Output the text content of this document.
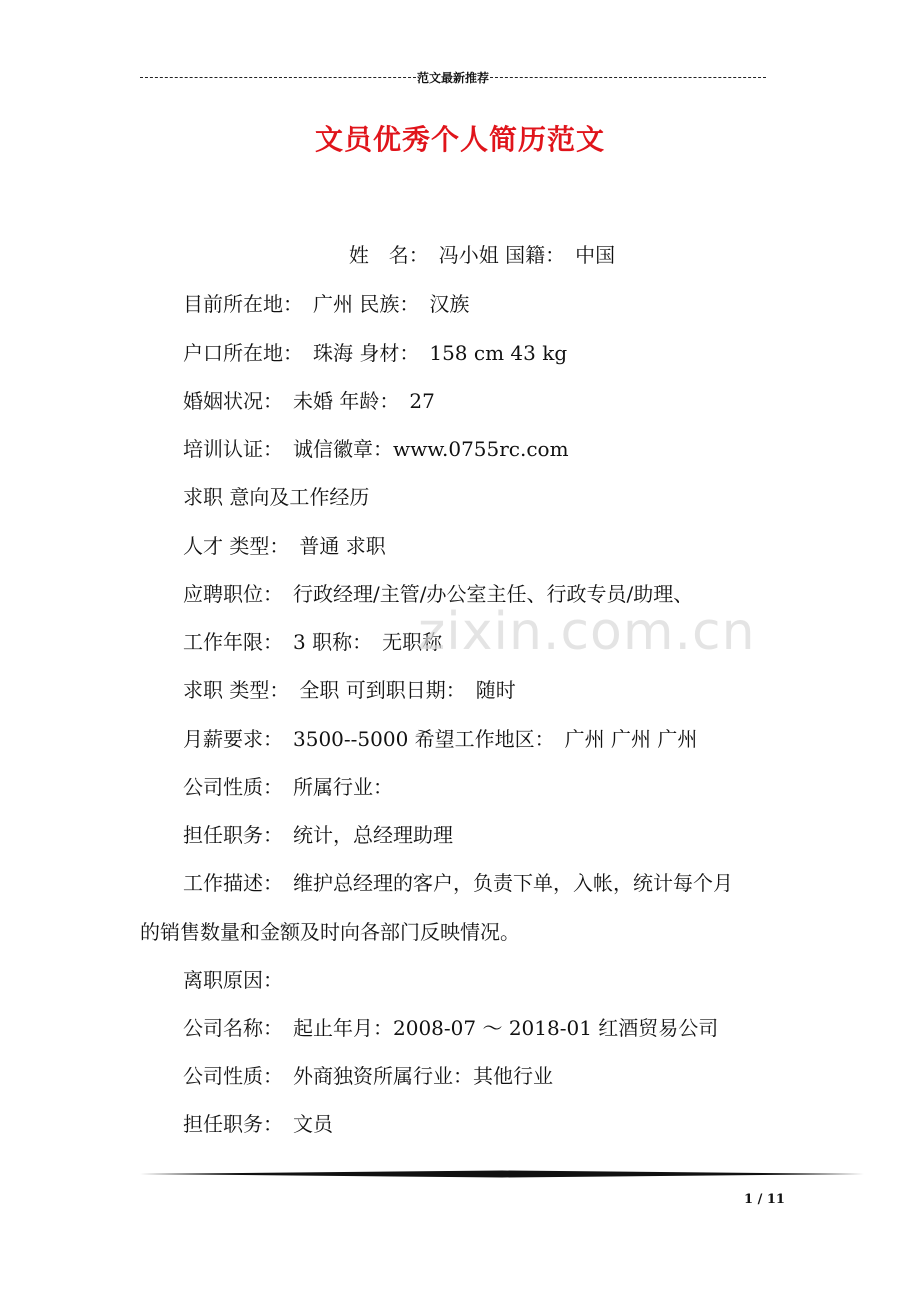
范文最新推荐
文员优秀个人简历范文
姓　名：　冯小姐 国籍：　中国
目前所在地：　广州 民族：　汉族
户口所在地：　珠海 身材：　158 cm 43 kg
婚姻状况：　未婚 年龄：　27
培训认证：　诚信徽章：www.0755rc.com
求职 意向及工作经历
人才 类型：　普通 求职
应聘职位：　行政经理/主管/办公室主任、行政专员/助理、
工作年限：　3 职称：　无职称
求职 类型：　全职 可到职日期：　随时
月薪要求：　3500--5000 希望工作地区：　广州 广州 广州
公司性质：　所属行业：
担任职务：　统计，总经理助理
工作描述：　维护总经理的客户，负责下单，入帐，统计每个月
的销售数量和金额及时向各部门反映情况。
离职原因：
公司名称：　起止年月：2008-07 ～ 2018-01 红酒贸易公司
公司性质：　外商独资所属行业：其他行业
担任职务：　文员
zixin.com.cn
1 / 11
